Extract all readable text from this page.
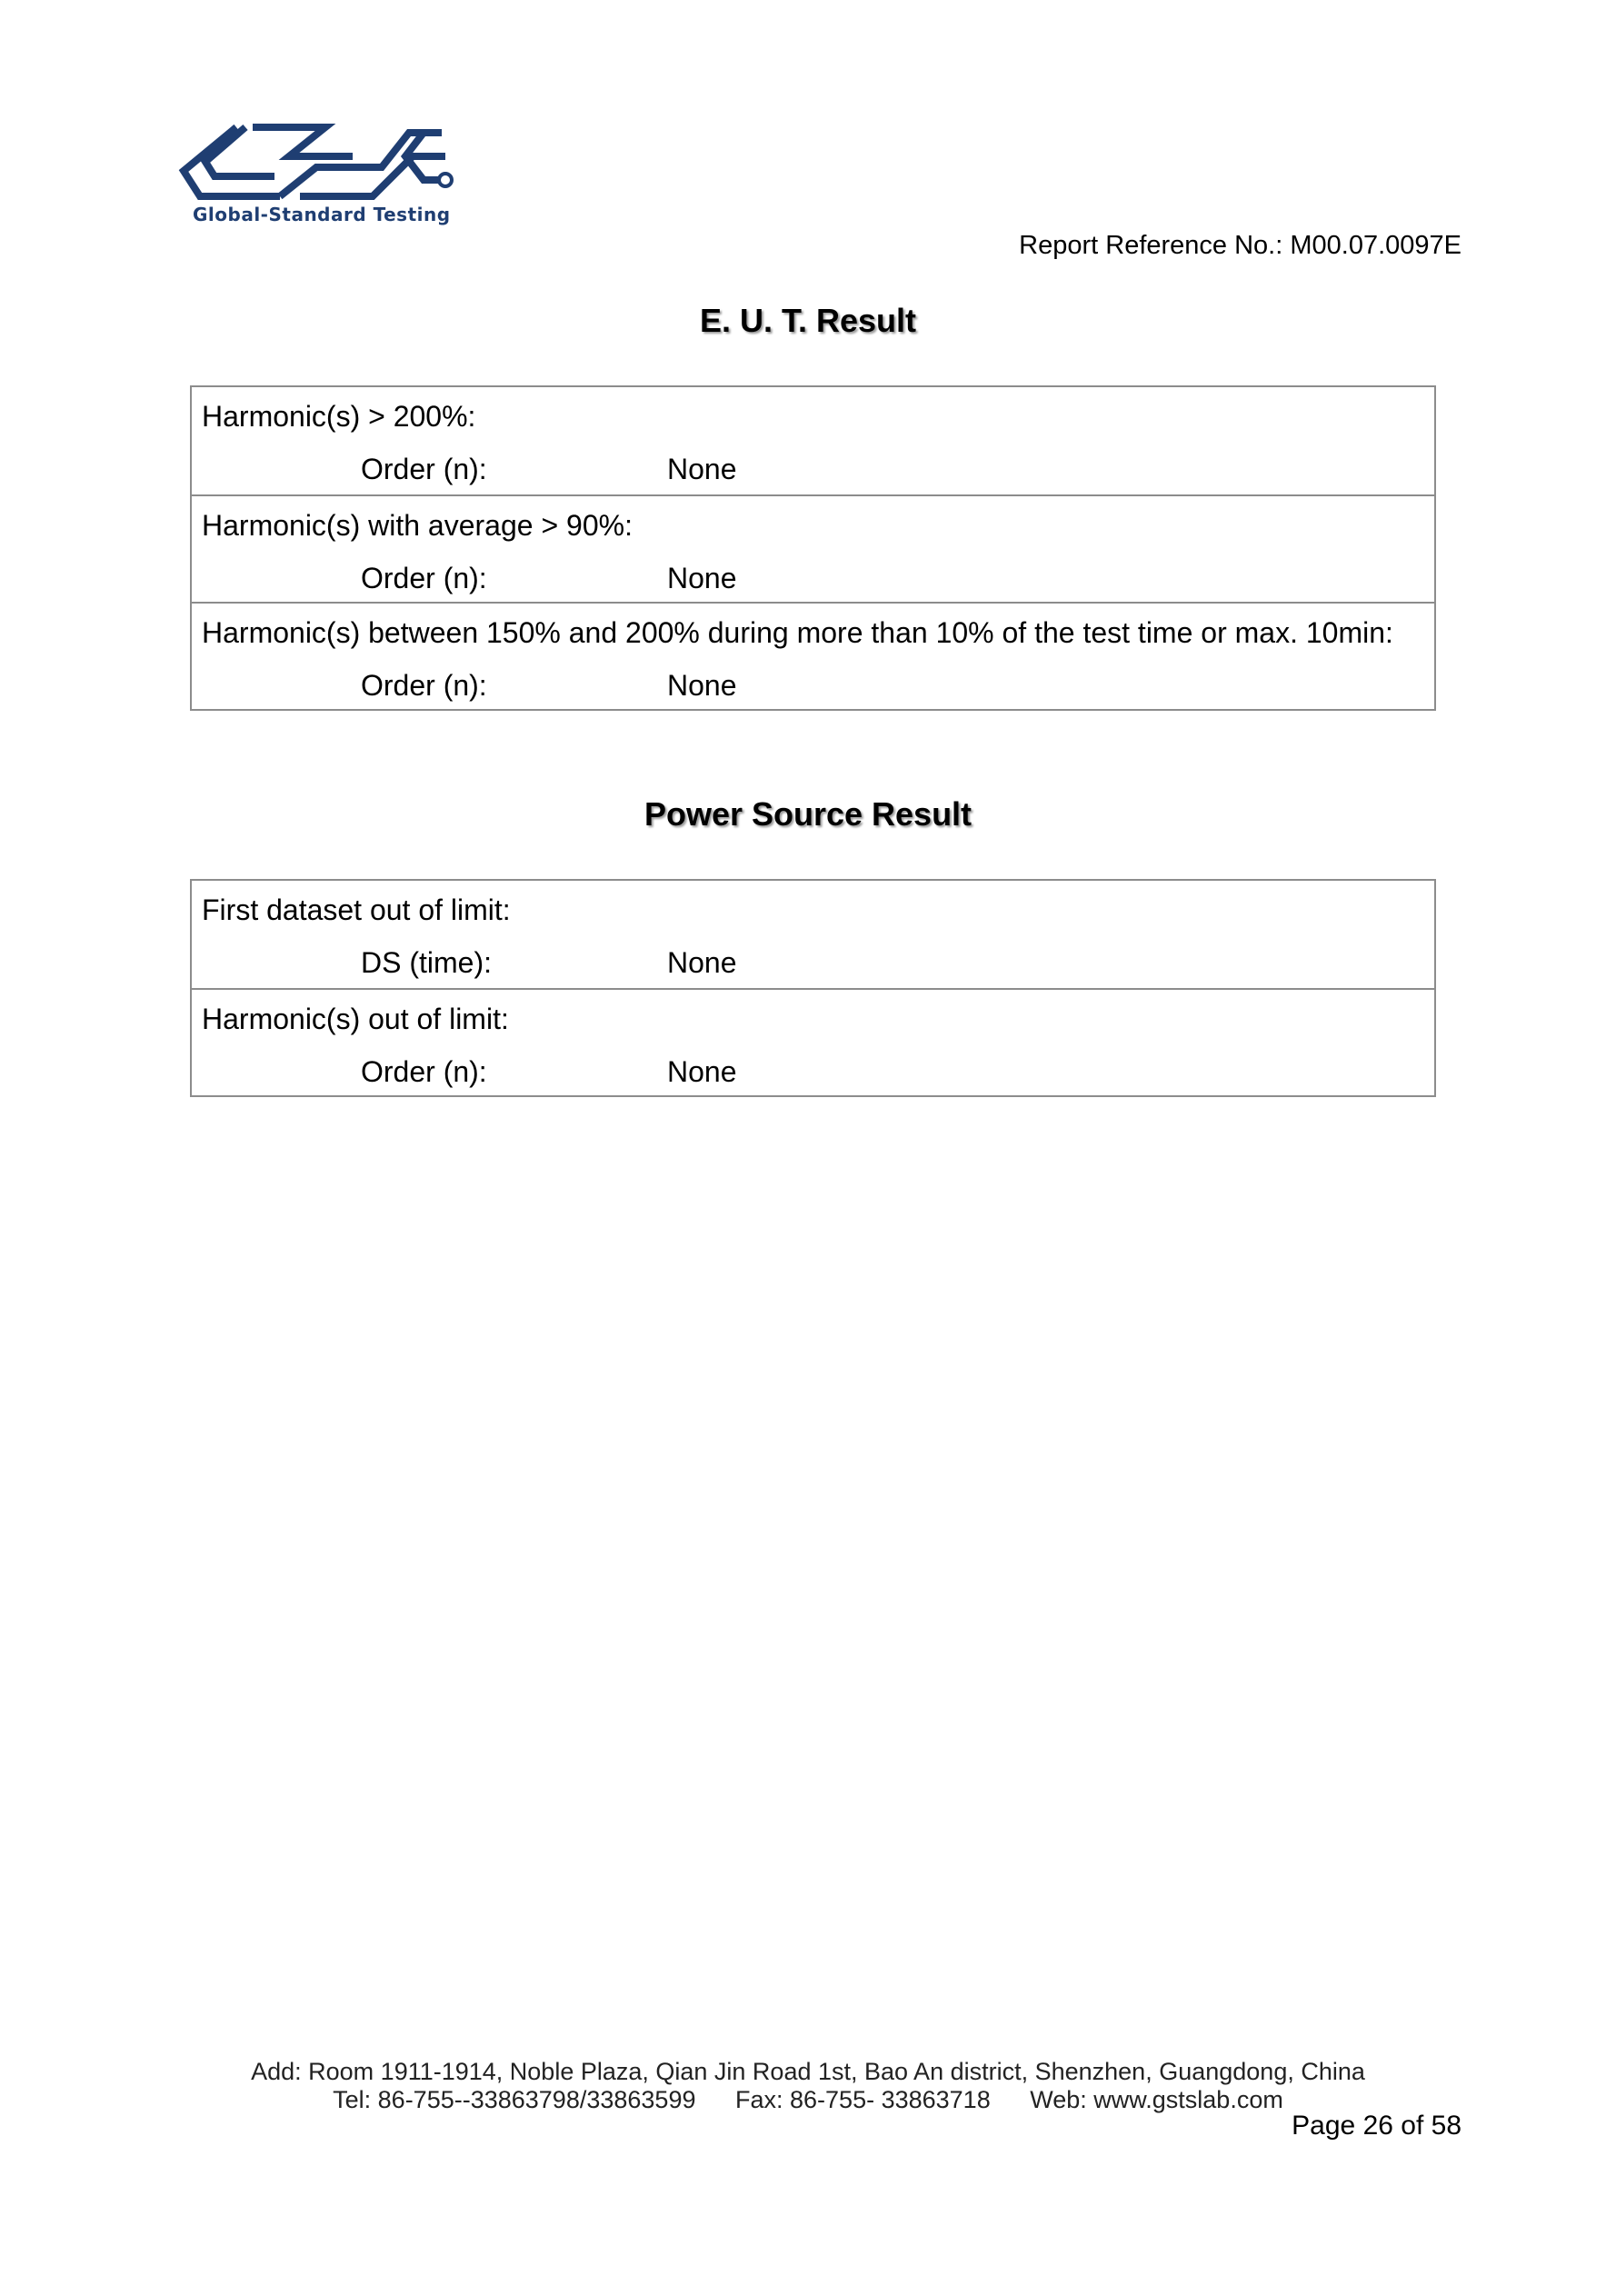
Global-Standard Testing
Report Reference No.: M00.07.0097E
E. U. T. Result
Harmonic(s) > 200%:
Order (n):	None
Harmonic(s) with average > 90%:
Order (n):	None
Harmonic(s) between 150% and 200% during more than 10% of the test time or max. 10min:
Order (n):	None
Power Source Result
First dataset out of limit:
DS (time):	None
Harmonic(s) out of limit:
Order (n):	None
Add: Room 1911-1914, Noble Plaza, Qian Jin Road 1st, Bao An district, Shenzhen, Guangdong, China
Tel: 86-755--33863798/33863599 Fax: 86-755- 33863718 Web: www.gstslab.com
Page 26 of 58
